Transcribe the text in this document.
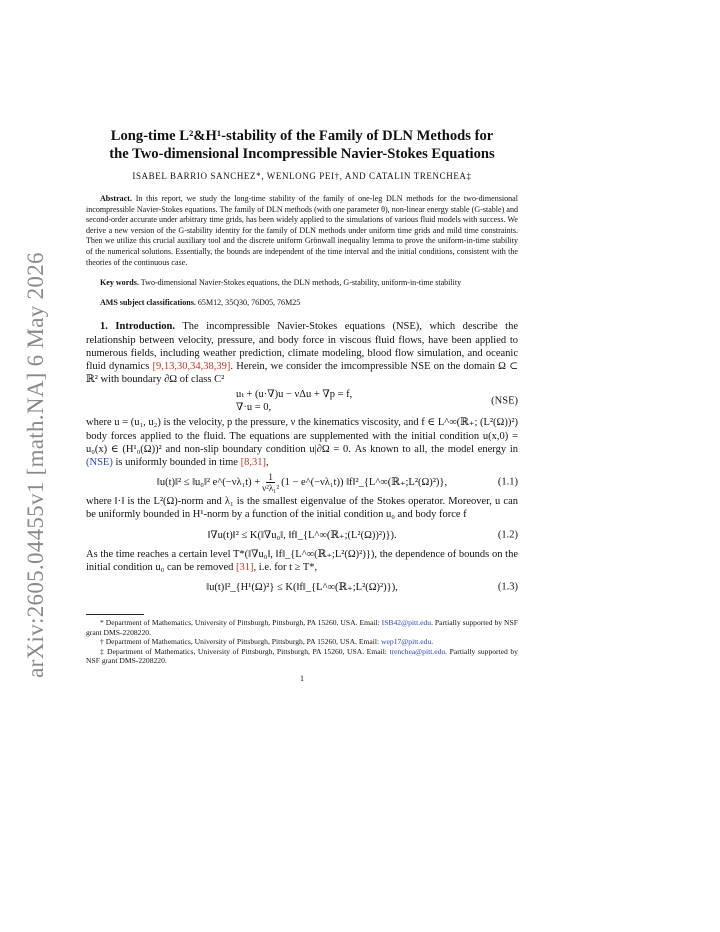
arXiv:2605.04455v1 [math.NA] 6 May 2026
Long-time L²&H¹-stability of the Family of DLN Methods for
the Two-dimensional Incompressible Navier-Stokes Equations

ISABEL BARRIO SANCHEZ*, WENLONG PEI†, AND CATALIN TRENCHEA‡

Abstract. In this report, we study the long-time stability of the family of one-leg DLN methods for the two-dimensional incompressible Navier-Stokes equations. The family of DLN methods (with one parameter θ), non-linear energy stable (G-stable) and second-order accurate under arbitrary time grids, has been widely applied to the simulations of various fluid models with success. We derive a new version of the G-stability identity for the family of DLN methods under uniform time grids and mild time constraints. Then we utilize this crucial auxiliary tool and the discrete uniform Grönwall inequality lemma to prove the uniform-in-time stability of the numerical solutions. Essentially, the bounds are independent of the time interval and the initial conditions, consistent with the theories of the continuous case.

Key words. Two-dimensional Navier-Stokes equations, the DLN methods, G-stability, uniform-in-time stability

AMS subject classifications. 65M12, 35Q30, 76D05, 76M25

1. Introduction. The incompressible Navier-Stokes equations (NSE), which describe the relationship between velocity, pressure, and body force in viscous fluid flows, have been applied to numerous fields, including weather prediction, climate modeling, blood flow simulation, and oceanic fluid dynamics [9,13,30,34,38,39]. Herein, we consider the imcompressible NSE on the domain Ω ⊂ ℝ² with boundary ∂Ω of class C²

uₜ + (u·∇)u − νΔu + ∇p = f,
∇·u = 0,
(NSE)

where u = (u₁, u₂) is the velocity, p the pressure, ν the kinematics viscosity, and f ∈ L^∞(ℝ₊; (L²(Ω))²) body forces applied to the fluid. The equations are supplemented with the initial condition u(x,0) = u₀(x) ∈ (H¹₀(Ω))² and non-slip boundary condition u|∂Ω = 0. As known to all, the model energy in (NSE) is uniformly bounded in time [8,31],

‖u(t)‖² ≤ ‖u₀‖² e^(−νλ₁t) + $\frac{1}{\text{ν²λ₁²}} (1$ − e^(−νλ₁t)) ‖f‖²_{L^∞(ℝ₊;L²(Ω)²)},	(1.1)

where ‖·‖ is the L²(Ω)-norm and λ₁ is the smallest eigenvalue of the Stokes operator. Moreover, u can be uniformly bounded in H¹-norm by a function of the initial condition u₀ and body force f

‖∇u(t)‖² ≤ K(‖∇u₀‖, ‖f‖_{L^∞(ℝ₊;(L²(Ω))²)}).	(1.2)

As the time reaches a certain level T*(‖∇u₀‖, ‖f‖_{L^∞(ℝ₊;L²(Ω)²)}), the dependence of bounds on the initial condition u₀ can be removed [31], i.e. for t ≥ T*,

‖u(t)‖²_{H¹(Ω)²} ≤ K(‖f‖_{L^∞(ℝ₊;L²(Ω)²)}),	(1.3)

* Department of Mathematics, University of Pittsburgh, Pittsburgh, PA 15260, USA. Email: ISB42@pitt.edu. Partially supported by NSF grant DMS-2208220.

† Department of Mathematics, University of Pittsburgh, Pittsburgh, PA 15260, USA. Email: wep17@pitt.edu.

‡ Department of Mathematics, University of Pittsburgh, Pittsburgh, PA 15260, USA. Email: trenchea@pitt.edu. Partially supported by NSF grant DMS-2208220.

1
